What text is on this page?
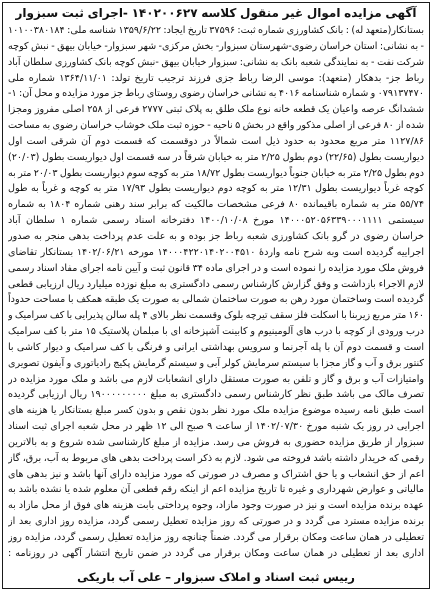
آگهی مزایده اموال غیر منقول کلاسه ۱۴۰۲۰۰۶۲۷ -اجرای ثبت سبزوار
بستانکار(متعهد له) : بانک کشاورزی شماره ثبت: ۳۷۵۹۶ تاریخ ایجاد: ۱۳۵۹/۶/۲۲ شناسه ملی: ۱۰۱۰۰۳۸۰۱۸۴ - به نشانی: استان خراسان رضوی-شهرستان سبزوار- بخش مرکزی- شهر سبزوار- خیابان بیهق - نبش کوچه شرکت نفت - به نمایندگی شعبه بانک به نشانی: سبزوار خیابان بیهق -نبش کوچه بانک کشاورزی سلطان آباد رباط جز- بدهکار (متعهد): موسی الرضا رباط جزی فرزند ترجیب تاریخ تولد: ۱۳۶۴/۱۱/۰۱ شماره ملی ۰۷۹۱۳۷۴۷۰ و شماره شناسنامه ۴۰۱۶ به نشانی خراسان رضوی روستای رباط جز مورد مزایده و محل آن: ۱- ششدانگ عرصه واعیان یک قطعه خانه نوع ملک طلق به پلاک ثبتی ۲۷۷۷ فرعی از ۲۵۸ اصلی مفروز ومجزا شده از ۸۰ فرعی از اصلی مذکور واقع در بخش ۵ ناحیه - حوزه ثبت ملک خوشاب خراسان رضوی به مساحت ۱۱۲۷/۸۶ متر مربع محدود به حدود ذیل است شمالاً در دوقسمت که قسمت دوم آن شرقی است اول دیواریست بطول (۲۲/۶۵) دوم بطول ۲/۲۵ متر به خیابان شرقاً در سه قسمت اول دیواریست بطول (۲۰/۰۳) دوم بطول ۲/۲۵ متر به خیابان جنوباً دیواریست بطول ۱۸/۷۲ متر به کوچه سوم دیواریست بطول ۲۰/۰۳ متر به کوچه غرباً دیواریست بطول ۱۲/۳۱ متر به کوچه دوم دیواریست بطول ۱۷/۹۳ متر به کوچه و غرباً به طول ۵۵/۷۴ متر به شماره باقیمانده ۸۰ فرعی مشخصات مالکیت که برابر سند رهنی شماره ۱۸۰۴ به شماره سیستمی ۱۴۰۰۰۵۲۰۵۶۳۳۹۰۰۰۱۱۱۱ مورخ ۱۴۰۰/۱۰/۰۸ دفترخانه اسناد رسمی شماره ۱ سلطان آباد خراسان رضوی در گرو بانک کشاورزی شعبه رباط جز بوده و به علت عدم پرداخت بدهی منجر به صدور اجراییه گردیده است وبه شرح نامه واردهٔ ۱۴۰۰۰۴۲۲۰۱۴۰۲۰۰۴۵۱۰ مورخه ۱۴۰۲/۰۶/۲۱ بستانکار تقاضای فروش ملک مورد مزایده را نموده است و در اجرای ماده ۳۴ قانون ثبت و آیین نامه اجرای مفاد اسناد رسمی لازم الاجراء بازداشت و وفق گزارش کارشناس رسمی دادگستری به مبلغ نوزده میلیارد ریال ارزیابی قطعی گردیده است وساختمان مورد رهن به صورت ساختمان شمالی به صورت یک طبقه همکف با مساحت حدوداً ۱۶۰ متر مربع زیربنا با اسکلت فلز سقف تیرچه بلوک وقسمت نظر بالای ۴ پله سالن پذیرایی با کف سرامیک و درب ورودی از کوچه با درب های آلومینیوم و کابینت آشپزخانه ای با مبلمان پلاستیک ۱۵ متر با کف سرامیک است و قسمت دوم آن با پله آجرنما و سرویس بهداشتی ایرانی و فرنگی با کف سرامیک و دیوار کاشی با کنتور برق و آب و گاز مجزا با سیستم سرمایش کولر آبی و سیستم گرمایش پکیج رادیاتوری و آیفون تصویری وامتیازات آب و برق و گاز و تلفن به صورت مستقل دارای انشعابات لازم می باشد و ملک مورد مزایده در تصرف مالک می باشد طبق نظر کارشناس رسمی دادگستری به مبلغ ۱۹۰۰۰۰۰۰۰۰۰ ریال ارزیابی گردیده است طبق نامه رسیده موضوع مزایده ملک مورد نظر بدون نقص و بدون کسر مبلغ بستانکار یا هزینه های اجرایی در روز یک شنبه مورخ ۱۴۰۲/۰۷/۳۰ از ساعت ۹ صبح الی ۱۲ ظهر در محل شعبه اجرای ثبت اسناد سبزوار از طریق مزایده حضوری به فروش می رسد. مزایده از مبلغ کارشناسی شده شروع و به بالاترین رقمی که خریدار داشته باشد فروخته می شود. لازم به ذکر است پرداخت بدهی های مربوط به آب، برق، گاز اعم از حق انشعاب و یا حق اشتراک و مصرف در صورتی که مورد مزایده دارای آنها باشد و نیز بدهی های مالیاتی و عوارض شهرداری و غیره تا تاریخ مزایده اعم از اینکه رقم قطعی آن معلوم شده یا نشده باشد به عهده برنده مزایده است و نیز در صورت وجود مازاد، وجوه پرداختی بابت هزینه های فوق از محل مازاد به برنده مزایده مسترد می گردد و در صورتی که روز مزایده تعطیل رسمی گردد، مزایده روز اداری بعد از تعطیلی در همان ساعت ومکان برقرار می گردد. ضمناً چنانچه روز مزایده تعطیل رسمی گردد، مزایده روز اداری بعد از تعطیلی در همان ساعت ومکان برقرار می گردد در ضمن تاریخ انتشار آگهی در روزنامه :
رییس ثبت اسناد و املاک سبزوار – علی آب باریکی
